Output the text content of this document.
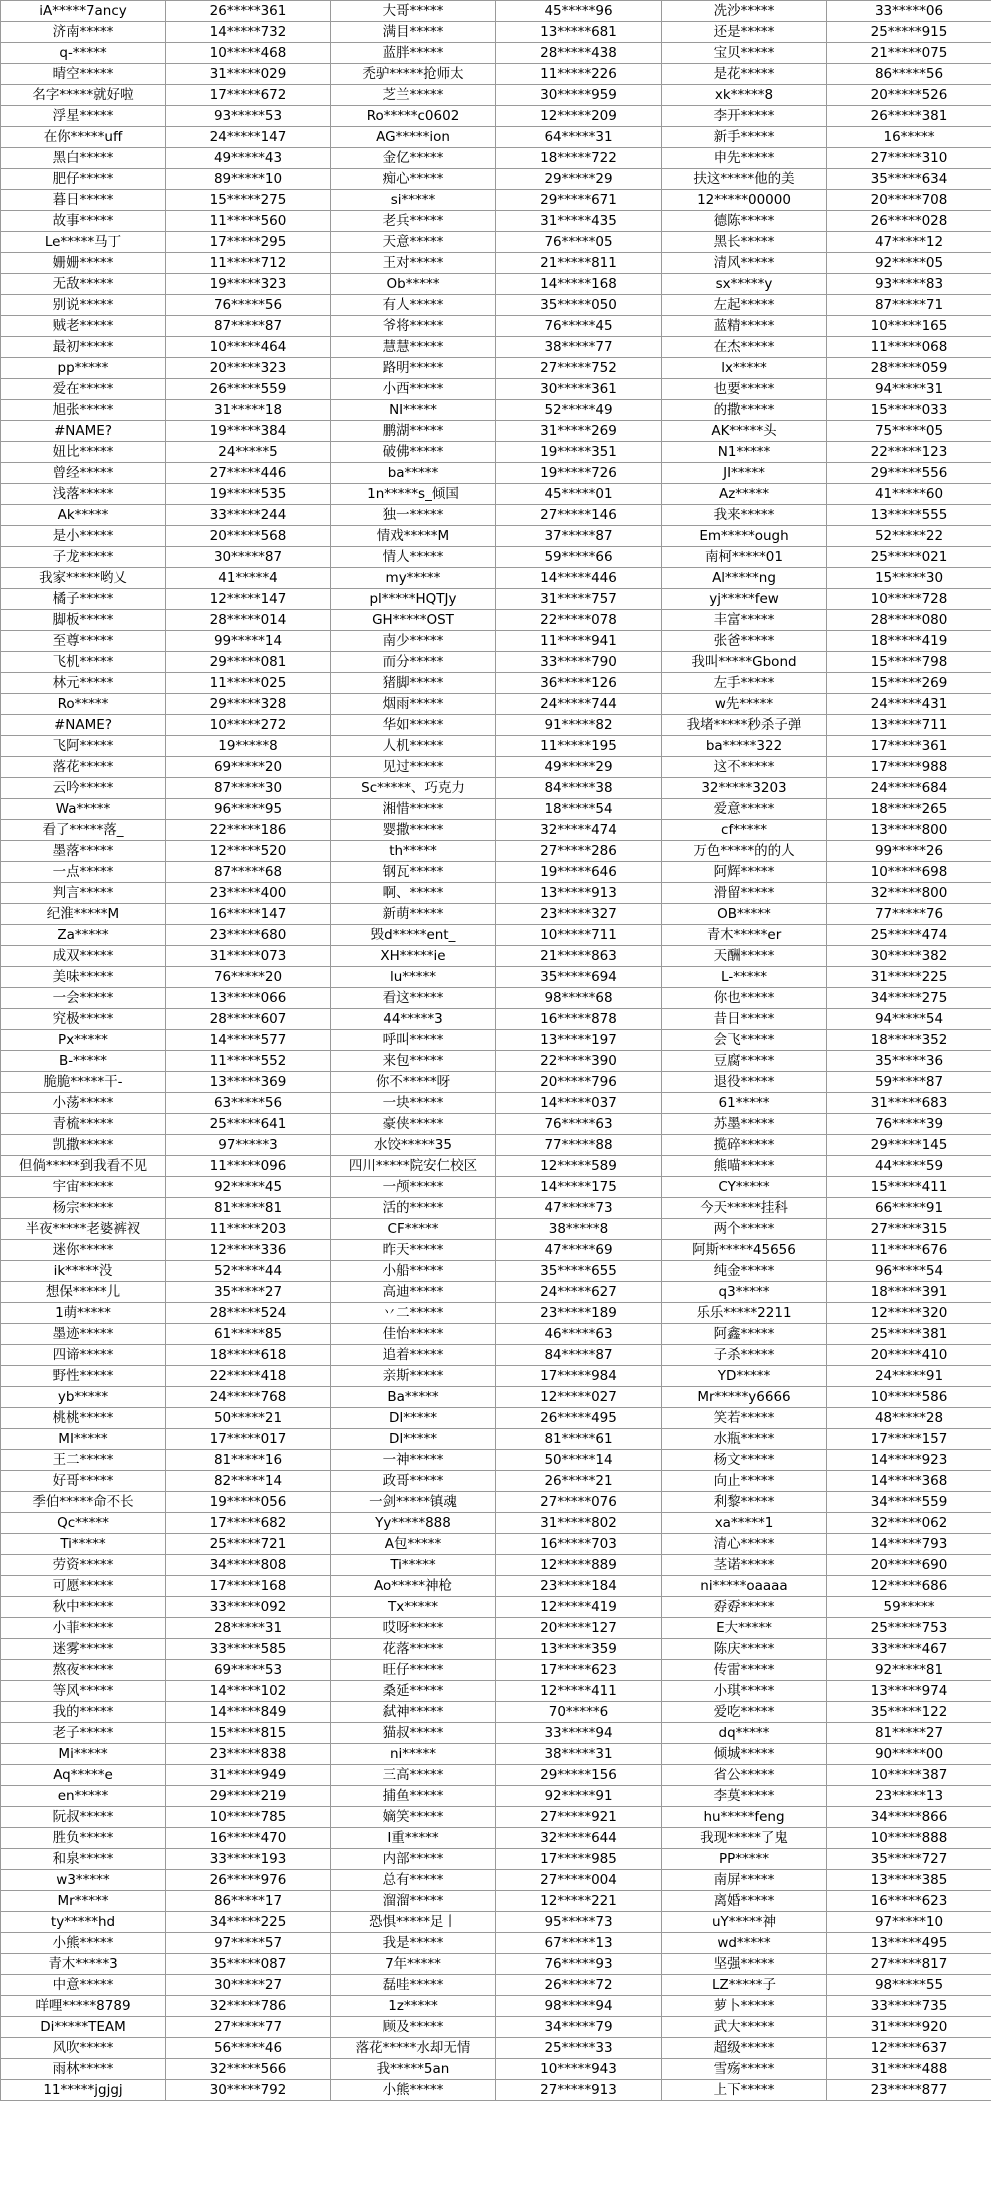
iA*****7ancy	26*****361	大哥*****	45*****96	冼沙*****	33*****06
济南*****	14*****732	满目*****	13*****681	还是*****	25*****915
q-*****	10*****468	蓝胖*****	28*****438	宝贝*****	21*****075
晴空*****	31*****029	禿驴*****抢师太	11*****226	是花*****	86*****56
名字*****就好啦	17*****672	芝兰*****	30*****959	xk*****8	20*****526
浮星*****	93*****53	Ro*****c0602	12*****209	李开*****	26*****381
在你*****uff	24*****147	AG*****ion	64*****31	新手*****	16*****
黑白*****	49*****43	金亿*****	18*****722	申先*****	27*****310
肥仔*****	89*****10	痴心*****	29*****29	扶这*****他的美	35*****634
暮日*****	15*****275	si*****	29*****671	12*****00000	20*****708
故事*****	11*****560	老兵*****	31*****435	德陈*****	26*****028
Le*****马丁	17*****295	天意*****	76*****05	黑长*****	47*****12
姗姗*****	11*****712	王对*****	21*****811	清风*****	92*****05
无敌*****	19*****323	Ob*****	14*****168	sx*****y	93*****83
别说*****	76*****56	有人*****	35*****050	左起*****	87*****71
贼老*****	87*****87	爷将*****	76*****45	蓝精*****	10*****165
最初*****	10*****464	慧慧*****	38*****77	在杰*****	11*****068
pp*****	20*****323	路明*****	27*****752	lx*****	28*****059
爱在*****	26*****559	小西*****	30*****361	也要*****	94*****31
旭张*****	31*****18	NI*****	52*****49	的撒*****	15*****033
#NAME?	19*****384	鹏湖*****	31*****269	AK*****头	75*****05
妞比*****	24*****5	破佛*****	19*****351	N1*****	22*****123
曾经*****	27*****446	ba*****	19*****726	JI*****	29*****556
浅落*****	19*****535	1n*****s_倾国	45*****01	Az*****	41*****60
Ak*****	33*****244	独一*****	27*****146	我来*****	13*****555
是小*****	20*****568	情戏*****M	37*****87	Em*****ough	52*****22
子龙*****	30*****87	情人*****	59*****66	南柯*****01	25*****021
我家*****哟乂	41*****4	my*****	14*****446	Al*****ng	15*****30
橘子*****	12*****147	pl*****HQTJy	31*****757	yj*****few	10*****728
脚板*****	28*****014	GH*****OST	22*****078	丰富*****	28*****080
至尊*****	99*****14	南少*****	11*****941	张爸*****	18*****419
飞机*****	29*****081	而分*****	33*****790	我叫*****Gbond	15*****798
林元*****	11*****025	猪脚*****	36*****126	左手*****	15*****269
Ro*****	29*****328	烟雨*****	24*****744	w先*****	24*****431
#NAME?	10*****272	华如*****	91*****82	我堵*****秒杀子弹	13*****711
飞阿*****	19*****8	人机*****	11*****195	ba*****322	17*****361
落花*****	69*****20	见过*****	49*****29	这不*****	17*****988
云吟*****	87*****30	Sc*****、巧克力	84*****38	32*****3203	24*****684
Wa*****	96*****95	湘惜*****	18*****54	爱意*****	18*****265
看了*****落_	22*****186	婴撒*****	32*****474	cf*****	13*****800
墨落*****	12*****520	th*****	27*****286	万色*****的的人	99*****26
一点*****	87*****68	钢瓦*****	19*****646	阿辉*****	10*****698
判言*****	23*****400	啊、*****	13*****913	滑留*****	32*****800
纪淮*****M	16*****147	新萌*****	23*****327	OB*****	77*****76
Za*****	23*****680	毁d*****ent_	10*****711	青木*****er	25*****474
成双*****	31*****073	XH*****ie	21*****863	天酬*****	30*****382
美味*****	76*****20	lu*****	35*****694	L-*****	31*****225
一会*****	13*****066	看这*****	98*****68	你也*****	34*****275
究极*****	28*****607	44*****3	16*****878	昔日*****	94*****54
Px*****	14*****577	呼叫*****	13*****197	会飞*****	18*****352
B-*****	11*****552	来包*****	22*****390	豆腐*****	35*****36
脆脆*****干-	13*****369	你不*****呀	20*****796	退役*****	59*****87
小荡*****	63*****56	一块*****	14*****037	61*****	31*****683
青梳*****	25*****641	豪侠*****	76*****63	苏墨*****	76*****39
凯撒*****	97*****3	水饺*****35	77*****88	揽碎*****	29*****145
但倘*****到我看不见	11*****096	四川*****院安仁校区	12*****589	熊喵*****	44*****59
宇宙*****	92*****45	一颅*****	14*****175	CY*****	15*****411
杨宗*****	81*****81	活的*****	47*****73	今天*****挂科	66*****91
半夜*****老婆裤衩	11*****203	CF*****	38*****8	两个*****	27*****315
迷你*****	12*****336	昨天*****	47*****69	阿斯*****45656	11*****676
ik*****没	52*****44	小船*****	35*****655	纯金*****	96*****54
想保*****儿	35*****27	高迪*****	24*****627	q3*****	18*****391
1萌*****	28*****524	丷二*****	23*****189	乐乐*****2211	12*****320
墨迹*****	61*****85	佳怡*****	46*****63	阿鑫*****	25*****381
四谛*****	18*****618	追着*****	84*****87	子杀*****	20*****410
野性*****	22*****418	亲斯*****	17*****984	YD*****	24*****91
yb*****	24*****768	Ba*****	12*****027	Mr*****y6666	10*****586
桃桃*****	50*****21	Dl*****	26*****495	笑若*****	48*****28
MI*****	17*****017	Dl*****	81*****61	水瓶*****	17*****157
王二*****	81*****16	一神*****	50*****14	杨文*****	14*****923
好哥*****	82*****14	政哥*****	26*****21	向止*****	14*****368
季伯*****命不长	19*****056	一剑*****镇魂	27*****076	利黎*****	34*****559
Qc*****	17*****682	Yy*****888	31*****802	xa*****1	32*****062
Ti*****	25*****721	A包*****	16*****703	清心*****	14*****793
劳资*****	34*****808	Ti*****	12*****889	茎诺*****	20*****690
可愿*****	17*****168	Ao*****神枪	23*****184	ni*****oaaaa	12*****686
秋中*****	33*****092	Tx*****	12*****419	孬孬*****	59*****
小菲*****	28*****31	哎呀*****	20*****127	E大*****	25*****753
迷雾*****	33*****585	花落*****	13*****359	陈庆*****	33*****467
熬夜*****	69*****53	旺仔*****	17*****623	传雷*****	92*****81
等风*****	14*****102	桑延*****	12*****411	小琪*****	13*****974
我的*****	14*****849	弑神*****	70*****6	爱吃*****	35*****122
老子*****	15*****815	猫叔*****	33*****94	dq*****	81*****27
Mi*****	23*****838	ni*****	38*****31	倾城*****	90*****00
Aq*****e	31*****949	三高*****	29*****156	省公*****	10*****387
en*****	29*****219	捕鱼*****	92*****91	李莫*****	23*****13
阮叔*****	10*****785	嫡笑*****	27*****921	hu*****feng	34*****866
胜负*****	16*****470	I重*****	32*****644	我现*****了鬼	10*****888
和泉*****	33*****193	内部*****	17*****985	PP*****	35*****727
w3*****	26*****976	总有*****	27*****004	南屏*****	13*****385
Mr*****	86*****17	溜溜*****	12*****221	离婚*****	16*****623
ty*****hd	34*****225	恐惧*****足丨	95*****73	uY*****神	97*****10
小熊*****	97*****57	我是*****	67*****13	wd*****	13*****495
青木*****3	35*****087	7年*****	76*****93	坚强*****	27*****817
中意*****	30*****27	磊哇*****	26*****72	LZ*****子	98*****55
咩哩*****8789	32*****786	1z*****	98*****94	萝卜*****	33*****735
Di*****TEAM	27*****77	顾及*****	34*****79	武大*****	31*****920
风吹*****	56*****46	落花*****水却无情	25*****33	超级*****	12*****637
雨林*****	32*****566	我*****5an	10*****943	雪殇*****	31*****488
11*****jgjgj	30*****792	小熊*****	27*****913	上下*****	23*****877
